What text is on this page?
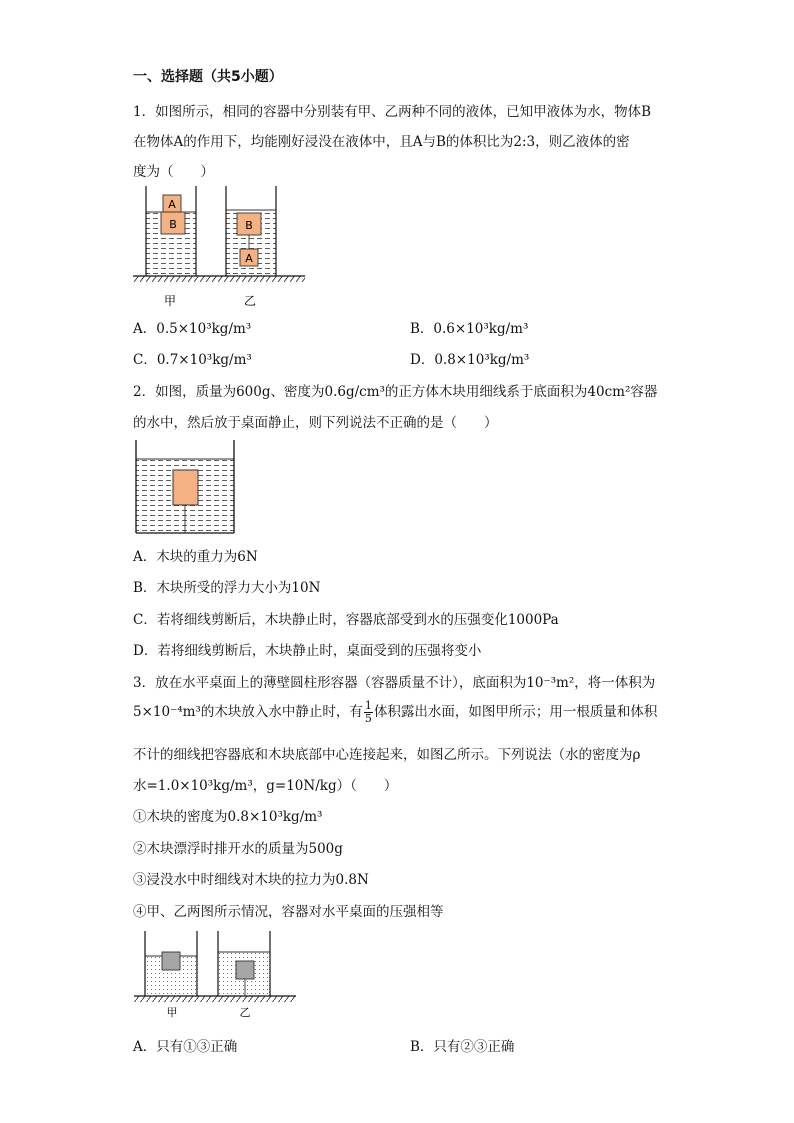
一、选择题（共5小题）
1．如图所示，相同的容器中分别装有甲、乙两种不同的液体，已知甲液体为水，物体B
在物体A的作用下，均能刚好浸没在液体中，且A与B的体积比为2:3，则乙液体的密
度为（　　）
A
B	B
A
甲	乙
A．0.5×10³kg/m³	B．0.6×10³kg/m³
C．0.7×10³kg/m³	D．0.8×10³kg/m³
2．如图，质量为600g、密度为0.6g/cm³的正方体木块用细线系于底面积为40cm²容器
的水中，然后放于桌面静止，则下列说法不正确的是（　　）
A．木块的重力为6N
B．木块所受的浮力大小为10N
C．若将细线剪断后，木块静止时，容器底部受到水的压强变化1000Pa
D．若将细线剪断后，木块静止时，桌面受到的压强将变小
3．放在水平桌面上的薄壁圆柱形容器（容器质量不计），底面积为10⁻³m²，将一体积为
5×10⁻⁴m³的木块放入水中静止时，有 $\frac{1}{5}$ 体积露出水面，如图甲所示；用一根质量和体积
不计的细线把容器底和木块底部中心连接起来，如图乙所示。下列说法（水的密度为ρ
水=1.0×10³kg/m³，g=10N/kg）（　　）
①木块的密度为0.8×10³kg/m³
②木块漂浮时排开水的质量为500g
③浸没水中时细线对木块的拉力为0.8N
④甲、乙两图所示情况，容器对水平桌面的压强相等
甲	乙
A．只有①③正确	B．只有②③正确
